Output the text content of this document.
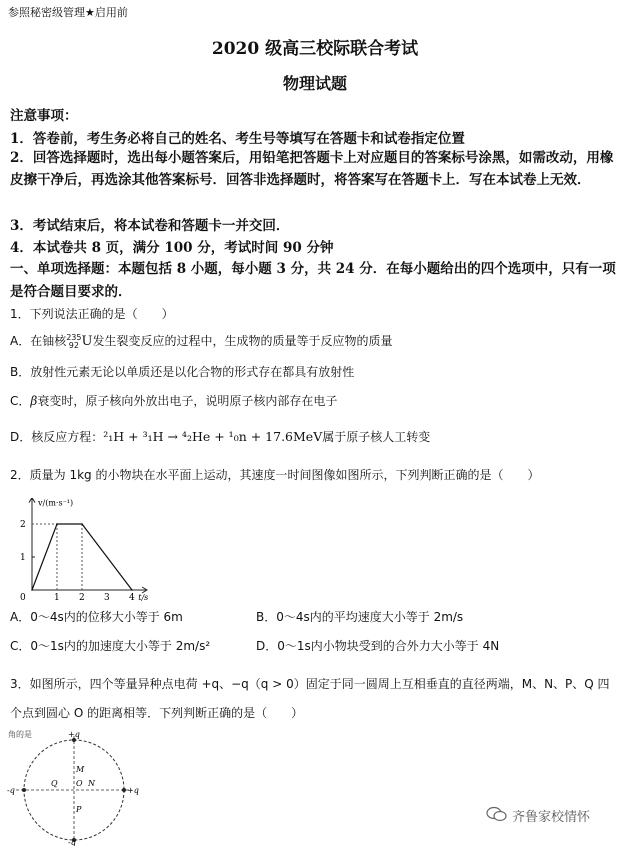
参照秘密级管理★启用前
2020 级高三校际联合考试
物理试题
注意事项：
1．答卷前，考生务必将自己的姓名、考生号等填写在答题卡和试卷指定位置
2．回答选择题时，选出每小题答案后，用铅笔把答题卡上对应题目的答案标号涂黑，如需改动，用橡皮擦干净后，再选涂其他答案标号．回答非选择题时，将答案写在答题卡上．写在本试卷上无效．
3．考试结束后，将本试卷和答题卡一并交回．
4．本试卷共 8 页，满分 100 分，考试时间 90 分钟
一、单项选择题：本题包括 8 小题，每小题 3 分，共 24 分．在每小题给出的四个选项中，只有一项是符合题目要求的．
1．下列说法正确的是（　　）
A．在铀核235
92 U发生裂变反应的过程中，生成物的质量等于反应物的质量
B．放射性元素无论以单质还是以化合物的形式存在都具有放射性
C．β衰变时，原子核向外放出电子，说明原子核内部存在电子
D．核反应方程：²₁H + ³₁H → ⁴₂He + ¹₀n + 17.6MeV属于原子核人工转变
2．质量为 1kg 的小物块在水平面上运动，其速度一时间图像如图所示，下列判断正确的是（　　）
0	1 2 3 4
1
2
t/s
v/(m·s⁻¹)
A．0～4s内的位移大小等于 6m	B．0～4s内的平均速度大小等于 2m/s
C．0～1s内的加速度大小等于 2m/s²	D．0～1s内小物块受到的合外力大小等于 4N
3．如图所示，四个等量异种点电荷 +q、−q（q > 0）固定于同一圆周上互相垂直的直径两端，M、N、P、Q 四
个点到圆心 O 的距离相等．下列判断正确的是（　　）
角的是	+q
-q
-q	+q
M
N
P
Q O
齐鲁家校情怀
